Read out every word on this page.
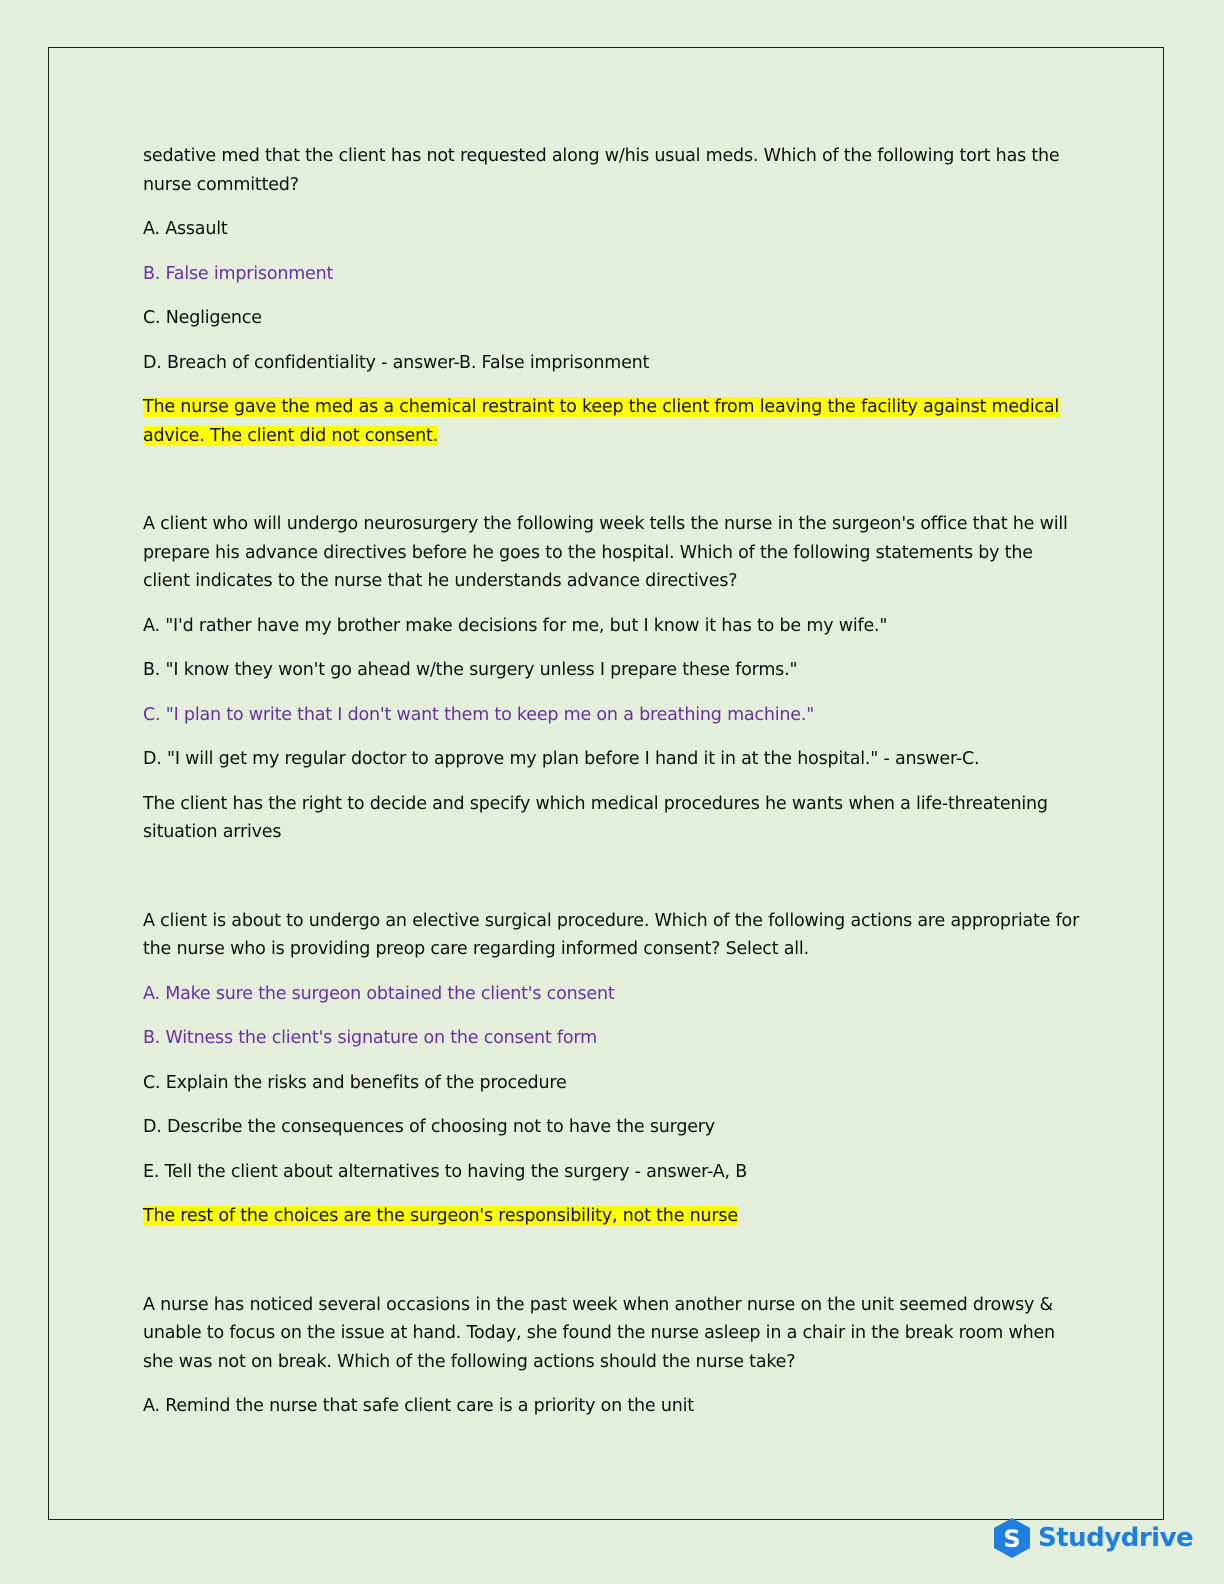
sedative med that the client has not requested along w/his usual meds. Which of the following tort has the nurse committed?

A. Assault

B. False imprisonment

C. Negligence

D. Breach of confidentiality - answer-B. False imprisonment

The nurse gave the med as a chemical restraint to keep the client from leaving the facility against medical advice. The client did not consent.

A client who will undergo neurosurgery the following week tells the nurse in the surgeon's office that he will prepare his advance directives before he goes to the hospital. Which of the following statements by the client indicates to the nurse that he understands advance directives?

A. "I'd rather have my brother make decisions for me, but I know it has to be my wife."

B. "I know they won't go ahead w/the surgery unless I prepare these forms."

C. "I plan to write that I don't want them to keep me on a breathing machine."

D. "I will get my regular doctor to approve my plan before I hand it in at the hospital." - answer-C.

The client has the right to decide and specify which medical procedures he wants when a life-threatening situation arrives

A client is about to undergo an elective surgical procedure. Which of the following actions are appropriate for the nurse who is providing preop care regarding informed consent? Select all.

A. Make sure the surgeon obtained the client's consent

B. Witness the client's signature on the consent form

C. Explain the risks and benefits of the procedure

D. Describe the consequences of choosing not to have the surgery

E. Tell the client about alternatives to having the surgery - answer-A, B

The rest of the choices are the surgeon's responsibility, not the nurse

A nurse has noticed several occasions in the past week when another nurse on the unit seemed drowsy & unable to focus on the issue at hand. Today, she found the nurse asleep in a chair in the break room when she was not on break. Which of the following actions should the nurse take?

A. Remind the nurse that safe client care is a priority on the unit

S Studydrive
